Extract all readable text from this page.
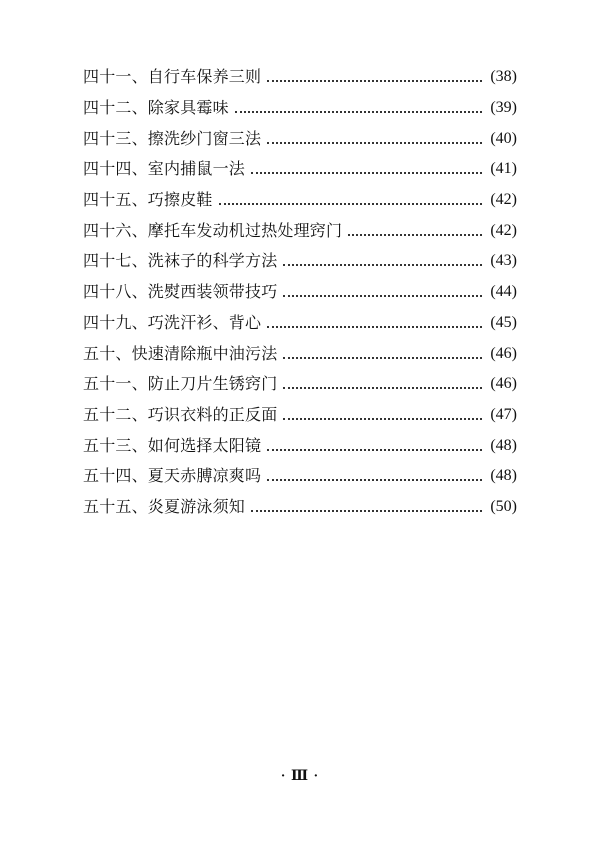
四十一、自行车保养三则	(38)
四十二、除家具霉味	(39)
四十三、擦洗纱门窗三法	(40)
四十四、室内捕鼠一法	(41)
四十五、巧擦皮鞋	(42)
四十六、摩托车发动机过热处理窍门	(42)
四十七、洗袜子的科学方法	(43)
四十八、洗熨西装领带技巧	(44)
四十九、巧洗汗衫、背心	(45)
五十、快速清除瓶中油污法	(46)
五十一、防止刀片生锈窍门	(46)
五十二、巧识衣料的正反面	(47)
五十三、如何选择太阳镜	(48)
五十四、夏天赤膊凉爽吗	(48)
五十五、炎夏游泳须知	(50)
· Ⅲ ·
